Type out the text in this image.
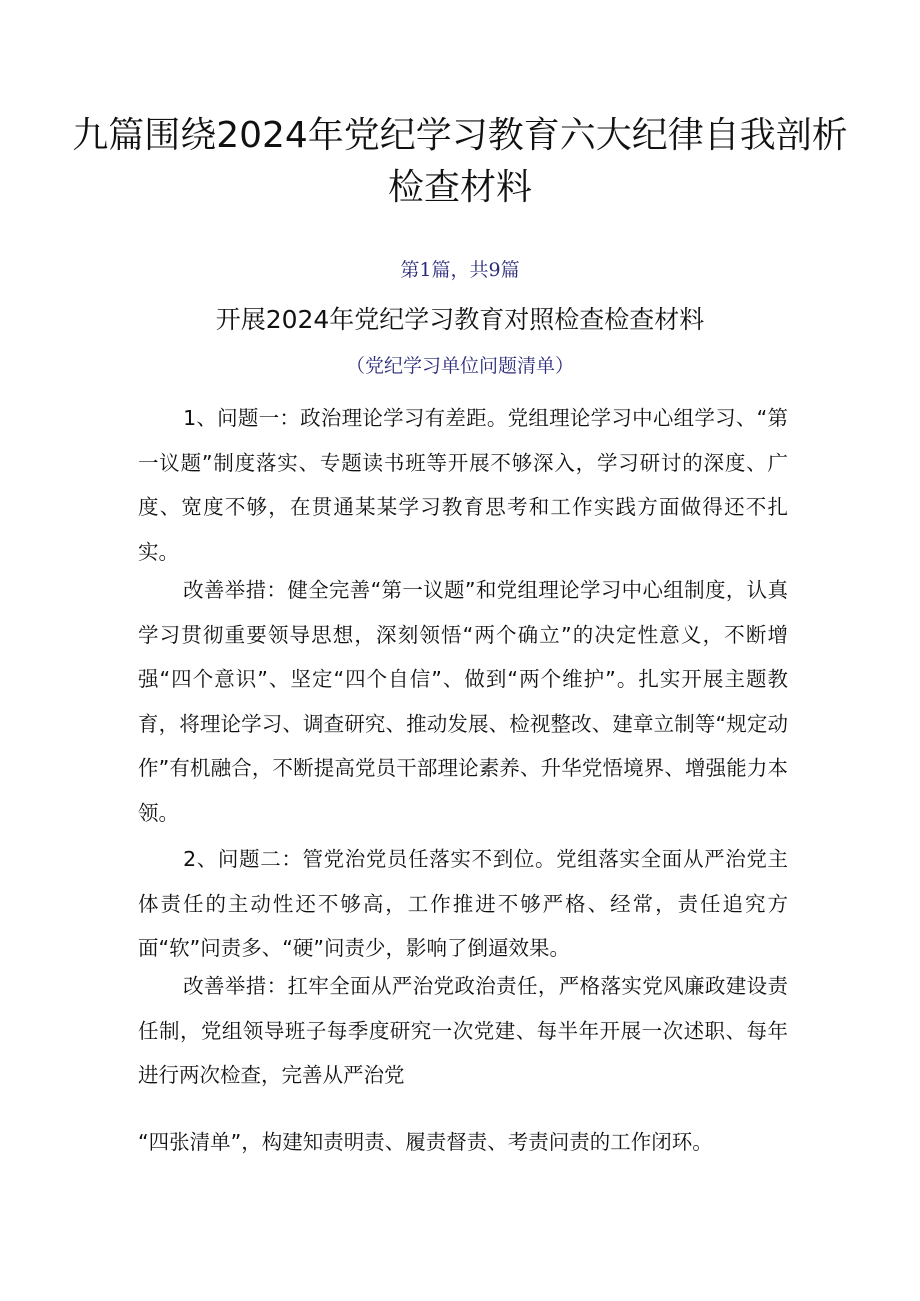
九篇围绕2024年党纪学习教育六大纪律自我剖析检查材料
第1篇，共9篇
开展2024年党纪学习教育对照检查检查材料
（党纪学习单位问题清单）

1、问题一：政治理论学习有差距。党组理论学习中心组学习、“第一议题”制度落实、专题读书班等开展不够深入，学习研讨的深度、广度、宽度不够，在贯通某某学习教育思考和工作实践方面做得还不扎实。

改善举措：健全完善“第一议题”和党组理论学习中心组制度，认真学习贯彻重要领导思想，深刻领悟“两个确立”的决定性意义，不断增强“四个意识”、坚定“四个自信”、做到“两个维护”。扎实开展主题教育，将理论学习、调查研究、推动发展、检视整改、建章立制等“规定动作”有机融合，不断提高党员干部理论素养、升华党悟境界、增强能力本领。

2、问题二：管党治党员任落实不到位。党组落实全面从严治党主体责任的主动性还不够高，工作推进不够严格、经常，责任追究方面“软”问责多、“硬”问责少，影响了倒逼效果。

改善举措：扛牢全面从严治党政治责任，严格落实党风廉政建设责任制，党组领导班子每季度研究一次党建、每半年开展一次述职、每年进行两次检查，完善从严治党

“四张清单”，构建知责明责、履责督责、考责问责的工作闭环。
